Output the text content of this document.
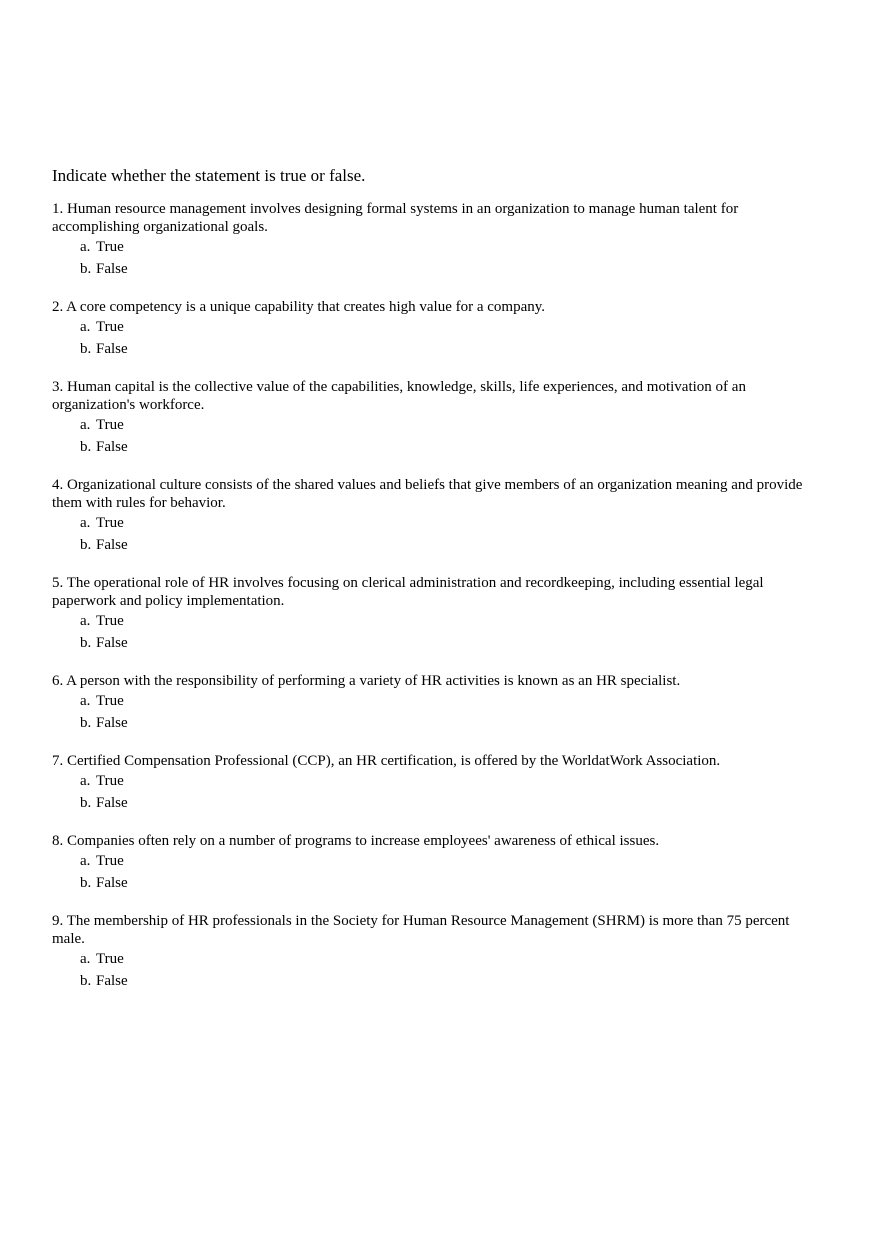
Indicate whether the statement is true or false.

1. Human resource management involves designing formal systems in an organization to manage human talent for accomplishing organizational goals.

a. True
b. False

2. A core competency is a unique capability that creates high value for a company.

a. True
b. False

3. Human capital is the collective value of the capabilities, knowledge, skills, life experiences, and motivation of an organization's workforce.

a. True
b. False

4. Organizational culture consists of the shared values and beliefs that give members of an organization meaning and provide them with rules for behavior.

a. True
b. False

5. The operational role of HR involves focusing on clerical administration and recordkeeping, including essential legal paperwork and policy implementation.

a. True
b. False

6. A person with the responsibility of performing a variety of HR activities is known as an HR specialist.

a. True
b. False

7. Certified Compensation Professional (CCP), an HR certification, is offered by the WorldatWork Association.

a. True
b. False

8. Companies often rely on a number of programs to increase employees' awareness of ethical issues.

a. True
b. False

9. The membership of HR professionals in the Society for Human Resource Management (SHRM) is more than 75 percent male.

a. True
b. False
